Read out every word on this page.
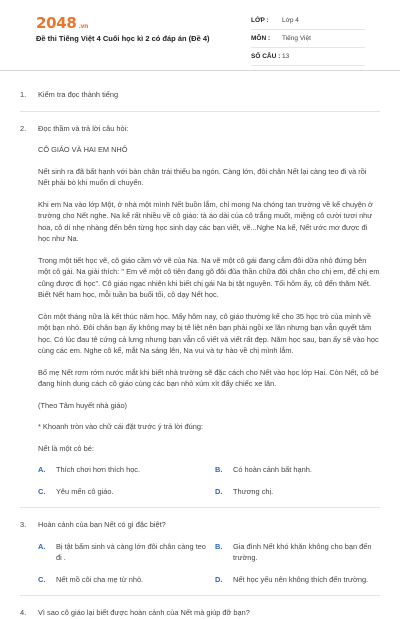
2048 .vn
Đề thi Tiếng Việt 4 Cuối học kì 2 có đáp án (Đề 4)
LỚP :	Lớp 4
MÔN :	Tiếng Việt
SỐ CÂU : 13
1.	Kiểm tra đọc thành tiếng
2.	Đọc thầm và trả lời câu hỏi:

CÔ GIÁO VÀ HAI EM NHỎ

Nết sinh ra đã bất hạnh với bàn chân trái thiếu ba ngón. Càng lớn, đôi chân Nết lại càng teo đi và rồi Nết phải bò khi muốn di chuyển.

Khi em Na vào lớp Một, ở nhà một mình Nết buồn lắm, chỉ mong Na chóng tan trường về kể chuyện ở trường cho Nết nghe. Na kể rất nhiều về cô giáo: tà áo dài của cô trắng muốt, miệng cô cười tươi như hoa, cô dí nhẹ nhàng đến bên từng học sinh dạy các bạn viết, vẽ...Nghe Na kể, Nết ước mơ được đi học như Na.

Trong một tiết học vẽ, cô giáo cầm vở vẽ của Na. Na vẽ một cô gái đang cắm đôi dữa nhỏ đứng bên một cô gái. Na giải thích: " Em vẽ một cô tiên đang gõ đôi đũa thần chữa đôi chân cho chị em, để chị em cũng được đi học". Cô giáo ngạc nhiên khi biết chị gái Na bị tật nguyền. Tối hôm ấy, cô đến thăm Nết. Biết Nết ham học, mỗi tuần ba buổi tối, cô dạy Nết học.

Còn một tháng nữa là kết thúc năm học. Mấy hôm nay, cô giáo thường kể cho 35 học trò của mình về một bạn nhỏ. Đôi chân bạn ấy không may bị tê liệt nên bạn phải ngồi xe lăn nhưng bạn vẫn quyết tâm học. Có lúc đau tê cứng cả lưng nhưng bạn vẫn cố viết và viết rất đẹp. Năm học sau, bạn ấy sẽ vào học cùng các em. Nghe cô kể, mắt Na sáng lên, Na vui và tự hào về chị mình lắm.

Bố mẹ Nết rơm rớm nước mắt khi biết nhà trường sẽ đặc cách cho Nết vào học lớp Hai. Còn Nết, cô bé đang hình dung cách cô giáo cùng các bạn nhỏ xúm xít đẩy chiếc xe lăn.

(Theo Tâm huyết nhà giáo)

* Khoanh tròn vào chữ cái đặt trước ý trả lời đúng:

Nết là một cô bé:

A.	Thích chơi hơn thích học.	B.	Có hoàn cảnh bất hạnh.
C.	Yêu mến cô giáo.	D.	Thương chị.
3.	Hoàn cảnh của bạn Nết có gì đặc biệt?
A.	Bị tật bẩm sinh và càng lớn đôi chân càng teo đi .
B.	Gia đình Nết khó khăn không cho bạn đến trường.
C.	Nết mồ côi cha mẹ từ nhỏ.	D.	Nết học yếu nên không thích đến trường.
4.	Vì sao cô giáo lại biết được hoàn cảnh của Nết mà giúp đỡ bạn?
